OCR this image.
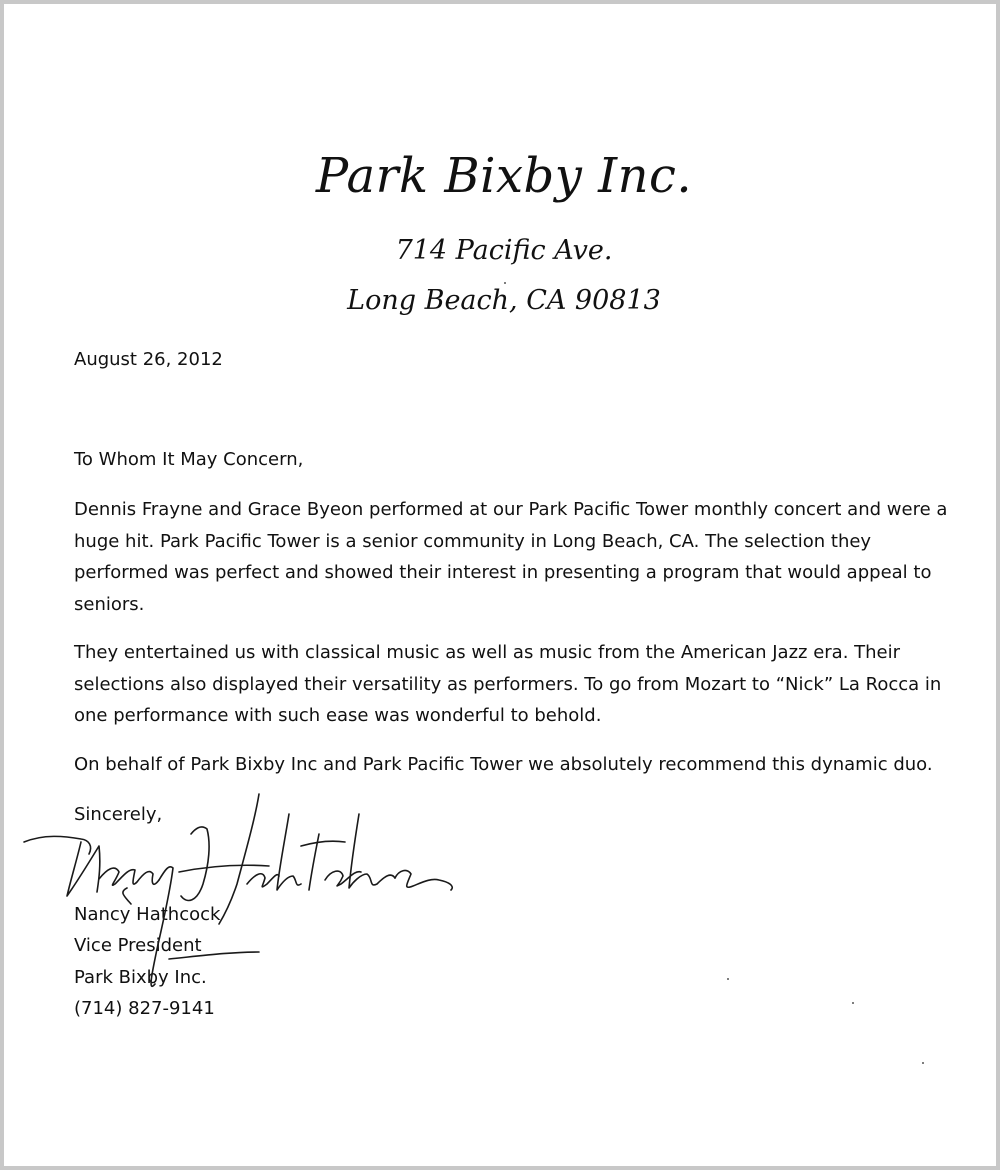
Park Bixby Inc.
714 Pacific Ave.
Long Beach, CA 90813
August 26, 2012
To Whom It May Concern,
Dennis Frayne and Grace Byeon performed at our Park Pacific Tower monthly concert and were a huge hit. Park Pacific Tower is a senior community in Long Beach, CA. The selection they performed was perfect and showed their interest in presenting a program that would appeal to seniors.
They entertained us with classical music as well as music from the American Jazz era. Their selections also displayed their versatility as performers. To go from Mozart to “Nick” La Rocca in one performance with such ease was wonderful to behold.
On behalf of Park Bixby Inc and Park Pacific Tower we absolutely recommend this dynamic duo.
Sincerely,
Nancy Hathcock
Vice President
Park Bixby Inc.
(714) 827-9141
